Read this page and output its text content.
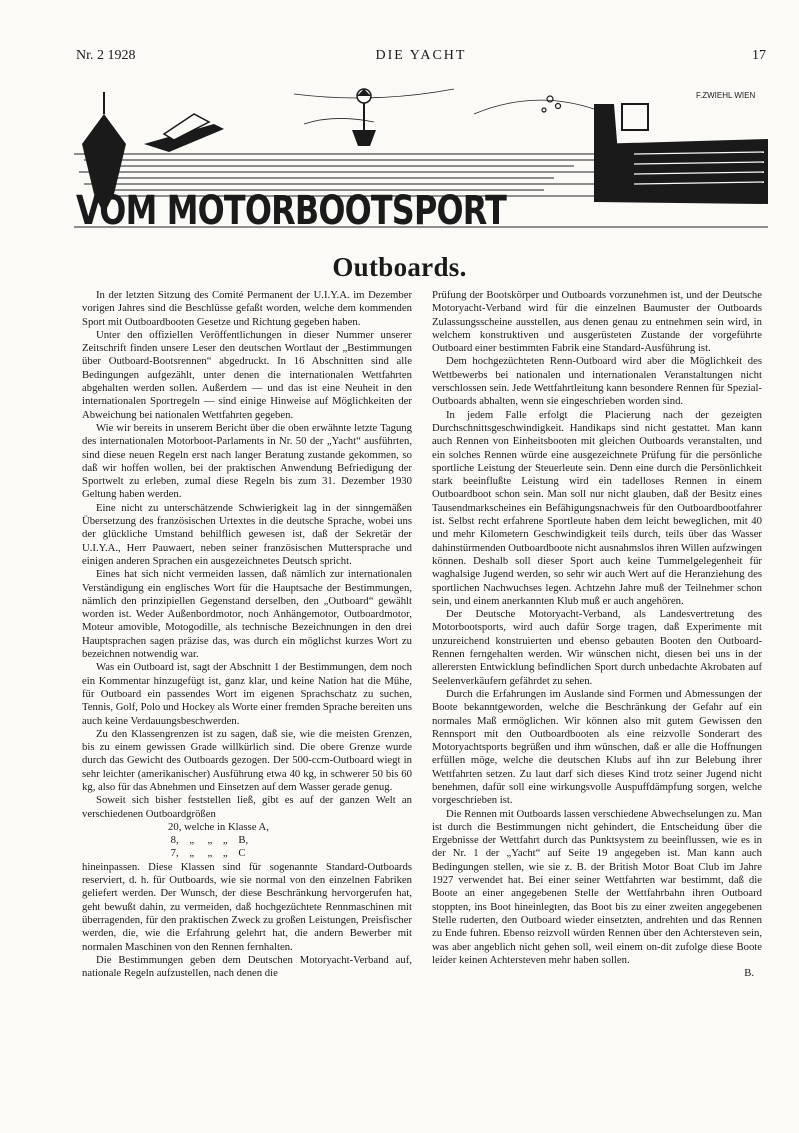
Nr. 2 1928	DIE YACHT	17
F.ZWIEHL WIEN
VOM MOTORBOOTSPORT
Outboards.

In der letzten Sitzung des Comité Permanent der U.I.Y.A. im Dezember vorigen Jahres sind die Beschlüsse gefaßt worden, welche dem kommenden Sport mit Outboardbooten Gesetze und Richtung gegeben haben.

Unter den offiziellen Veröffentlichungen in dieser Nummer unserer Zeitschrift finden unsere Leser den deutschen Wortlaut der „Bestimmungen über Outboard-Bootsrennen“ abgedruckt. In 16 Abschnitten sind alle Bedingungen aufgezählt, unter denen die internationalen Wettfahrten abgehalten werden sollen. Außerdem — und das ist eine Neuheit in den internationalen Sportregeln — sind einige Hinweise auf Möglichkeiten der Abweichung bei nationalen Wettfahrten gegeben.

Wie wir bereits in unserem Bericht über die oben erwähnte letzte Tagung des internationalen Motorboot-Parlaments in Nr. 50 der „Yacht“ ausführten, sind diese neuen Regeln erst nach langer Beratung zustande gekommen, so daß wir hoffen wollen, bei der praktischen Anwendung Befriedigung der Sportwelt zu erleben, zumal diese Regeln bis zum 31. Dezember 1930 Geltung haben werden.

Eine nicht zu unterschätzende Schwierigkeit lag in der sinngemäßen Übersetzung des französischen Urtextes in die deutsche Sprache, wobei uns der glückliche Umstand behilflich gewesen ist, daß der Sekretär der U.I.Y.A., Herr Pauwaert, neben seiner französischen Muttersprache und einigen anderen Sprachen ein ausgezeichnetes Deutsch spricht.

Eines hat sich nicht vermeiden lassen, daß nämlich zur internationalen Verständigung ein englisches Wort für die Hauptsache der Bestimmungen, nämlich den prinzipiellen Gegenstand derselben, den „Outboard“ gewählt worden ist. Weder Außenbordmotor, noch Anhängemotor, Outboardmotor, Moteur amovible, Motogodille, als technische Bezeichnungen in den drei Hauptsprachen sagen präzise das, was durch ein möglichst kurzes Wort zu bezeichnen notwendig war.

Was ein Outboard ist, sagt der Abschnitt 1 der Bestimmungen, dem noch ein Kommentar hinzugefügt ist, ganz klar, und keine Nation hat die Mühe, für Outboard ein passendes Wort im eigenen Sprachschatz zu suchen, Tennis, Golf, Polo und Hockey als Worte einer fremden Sprache bereiten uns auch keine Verdauungsbeschwerden.

Zu den Klassengrenzen ist zu sagen, daß sie, wie die meisten Grenzen, bis zu einem gewissen Grade willkürlich sind. Die obere Grenze wurde durch das Gewicht des Outboards gezogen. Der 500-ccm-Outboard wiegt in sehr leichter (amerikanischer) Ausführung etwa 40 kg, in schwerer 50 bis 60 kg, also für das Abnehmen und Einsetzen auf dem Wasser gerade genug.

Soweit sich bisher feststellen ließ, gibt es auf der ganzen Welt an verschiedenen Outboardgrößen

20, welche in Klasse A,
8,    „     „    „    B,
7,    „     „    „    C

hineinpassen. Diese Klassen sind für sogenannte Standard-Outboards reserviert, d. h. für Outboards, wie sie normal von den einzelnen Fabriken geliefert werden. Der Wunsch, der diese Beschränkung hervorgerufen hat, geht bewußt dahin, zu vermeiden, daß hochgezüchtete Rennmaschinen mit überragenden, für den praktischen Zweck zu großen Leistungen, Preisfischer werden, die, wie die Erfahrung gelehrt hat, die andern Bewerber mit normalen Maschinen von den Rennen fernhalten.

Die Bestimmungen geben dem Deutschen Motoryacht-Verband auf, nationale Regeln aufzustellen, nach denen die

Prüfung der Bootskörper und Outboards vorzunehmen ist, und der Deutsche Motoryacht-Verband wird für die einzelnen Baumuster der Outboards Zulassungsscheine ausstellen, aus denen genau zu entnehmen sein wird, in welchem konstruktiven und ausgerüsteten Zustande der vorgeführte Outboard einer bestimmten Fabrik eine Standard-Ausführung ist.

Dem hochgezüchteten Renn-Outboard wird aber die Möglichkeit des Wettbewerbs bei nationalen und internationalen Veranstaltungen nicht verschlossen sein. Jede Wettfahrtleitung kann besondere Rennen für Spezial-Outboards abhalten, wenn sie eingeschrieben worden sind.

In jedem Falle erfolgt die Placierung nach der gezeigten Durchschnittsgeschwindigkeit. Handikaps sind nicht gestattet. Man kann auch Rennen von Einheitsbooten mit gleichen Outboards veranstalten, und ein solches Rennen würde eine ausgezeichnete Prüfung für die persönliche sportliche Leistung der Steuerleute sein. Denn eine durch die Persönlichkeit stark beeinflußte Leistung wird ein tadelloses Rennen in einem Outboardboot schon sein. Man soll nur nicht glauben, daß der Besitz eines Tausendmarkscheines ein Befähigungsnachweis für den Outboardbootfahrer ist. Selbst recht erfahrene Sportleute haben dem leicht beweglichen, mit 40 und mehr Kilometern Geschwindigkeit teils durch, teils über das Wasser dahinstürmenden Outboardboote nicht ausnahmslos ihren Willen aufzwingen können. Deshalb soll dieser Sport auch keine Tummelgelegenheit für waghalsige Jugend werden, so sehr wir auch Wert auf die Heranziehung des sportlichen Nachwuchses legen. Achtzehn Jahre muß der Teilnehmer schon sein, und einem anerkannten Klub muß er auch angehören.

Der Deutsche Motoryacht-Verband, als Landesvertretung des Motorbootsports, wird auch dafür Sorge tragen, daß Experimente mit unzureichend konstruierten und ebenso gebauten Booten den Outboard-Rennen ferngehalten werden. Wir wünschen nicht, diesen bei uns in der allerersten Entwicklung befindlichen Sport durch unbedachte Akrobaten auf Seelenverkäufern gefährdet zu sehen.

Durch die Erfahrungen im Auslande sind Formen und Abmessungen der Boote bekanntgeworden, welche die Beschränkung der Gefahr auf ein normales Maß ermöglichen. Wir können also mit gutem Gewissen den Rennsport mit den Outboardbooten als eine reizvolle Sonderart des Motoryachtsports begrüßen und ihm wünschen, daß er alle die Hoffnungen erfüllen möge, welche die deutschen Klubs auf ihn zur Belebung ihrer Wettfahrten setzen. Zu laut darf sich dieses Kind trotz seiner Jugend nicht benehmen, dafür soll eine wirkungsvolle Auspuffdämpfung sorgen, welche vorgeschrieben ist.

Die Rennen mit Outboards lassen verschiedene Abwechselungen zu. Man ist durch die Bestimmungen nicht gehindert, die Entscheidung über die Ergebnisse der Wettfahrt durch das Punktsystem zu beeinflussen, wie es in der Nr. 1 der „Yacht“ auf Seite 19 angegeben ist. Man kann auch Bedingungen stellen, wie sie z. B. der British Motor Boat Club im Jahre 1927 verwendet hat. Bei einer seiner Wettfahrten war bestimmt, daß die Boote an einer angegebenen Stelle der Wettfahrbahn ihren Outboard stoppten, ins Boot hineinlegten, das Boot bis zu einer zweiten angegebenen Stelle ruderten, den Outboard wieder einsetzten, andrehten und das Rennen zu Ende fuhren. Ebenso reizvoll würden Rennen über den Achtersteven sein, was aber angeblich nicht gehen soll, weil einem on-dit zufolge diese Boote leider keinen Achtersteven mehr haben sollen.

B.
